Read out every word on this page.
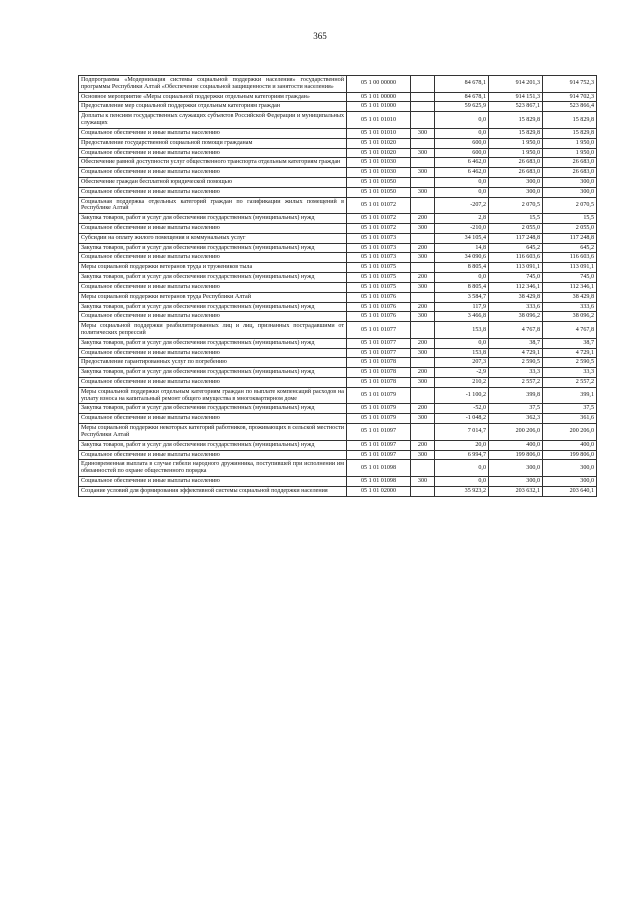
365
Подпрограмма «Модернизация системы социальной поддержки населения» государственной программы Республики Алтай «Обеспечение социальной защищенности и занятости населения»	05 1 00 00000		84 678,1	914 201,3	914 752,3
Основное мероприятие «Меры социальной поддержки отдельным категориям граждан»	05 1 01 00000		84 678,1	914 151,3	914 702,3
Предоставление мер социальной поддержки отдельным категориям граждан	05 1 01 01000		59 625,9	523 867,1	523 866,4
Доплаты к пенсиям государственных служащих субъектов Российской Федерации и муниципальных служащих	05 1 01 01010		0,0	15 829,8	15 829,8
Социальное обеспечение и иные выплаты населению	05 1 01 01010	300	0,0	15 829,8	15 829,8
Предоставление государственной социальной помощи гражданам	05 1 01 01020		600,0	1 950,0	1 950,0
Социальное обеспечение и иные выплаты населению	05 1 01 01020	300	600,0	1 950,0	1 950,0
Обеспечение равной доступности услуг общественного транспорта отдельным категориям граждан	05 1 01 01030		6 462,0	26 683,0	26 683,0
Социальное обеспечение и иные выплаты населению	05 1 01 01030	300	6 462,0	26 683,0	26 683,0
Обеспечение граждан бесплатной юридической помощью	05 1 01 01050		0,0	300,0	300,0
Социальное обеспечение и иные выплаты населению	05 1 01 01050	300	0,0	300,0	300,0
Социальная поддержка отдельных категорий граждан по газификации жилых помещений в Республике Алтай	05 1 01 01072		-207,2	2 070,5	2 070,5
Закупка товаров, работ и услуг для обеспечения государственных (муниципальных) нужд	05 1 01 01072	200	2,8	15,5	15,5
Социальное обеспечение и иные выплаты населению	05 1 01 01072	300	-210,0	2 055,0	2 055,0
Субсидии на оплату жилого помещения и коммунальных услуг	05 1 01 01073		34 105,4	117 248,8	117 248,8
Закупка товаров, работ и услуг для обеспечения государственных (муниципальных) нужд	05 1 01 01073	200	14,8	645,2	645,2
Социальное обеспечение и иные выплаты населению	05 1 01 01073	300	34 090,6	116 603,6	116 603,6
Меры социальной поддержки ветеранов труда и тружеников тыла	05 1 01 01075		8 805,4	113 091,1	113 091,1
Закупка товаров, работ и услуг для обеспечения государственных (муниципальных) нужд	05 1 01 01075	200	0,0	745,0	745,0
Социальное обеспечение и иные выплаты населению	05 1 01 01075	300	8 805,4	112 346,1	112 346,1
Меры социальной поддержки ветеранов труда Республики Алтай	05 1 01 01076		3 584,7	38 429,8	38 429,8
Закупка товаров, работ и услуг для обеспечения государственных (муниципальных) нужд	05 1 01 01076	200	117,9	333,6	333,6
Социальное обеспечение и иные выплаты населению	05 1 01 01076	300	3 466,8	38 096,2	38 096,2
Меры социальной поддержки реабилитированных лиц и лиц, признанных пострадавшими от политических репрессий	05 1 01 01077		153,8	4 767,8	4 767,8
Закупка товаров, работ и услуг для обеспечения государственных (муниципальных) нужд	05 1 01 01077	200	0,0	38,7	38,7
Социальное обеспечение и иные выплаты населению	05 1 01 01077	300	153,8	4 729,1	4 729,1
Предоставление гарантированных услуг по погребению	05 1 01 01078		207,3	2 590,5	2 590,5
Закупка товаров, работ и услуг для обеспечения государственных (муниципальных) нужд	05 1 01 01078	200	-2,9	33,3	33,3
Социальное обеспечение и иные выплаты населению	05 1 01 01078	300	210,2	2 557,2	2 557,2
Меры социальной поддержки отдельным категориям граждан по выплате компенсаций расходов на уплату взноса на капитальный ремонт общего имущества в многоквартирном доме	05 1 01 01079		-1 100,2	399,8	399,1
Закупка товаров, работ и услуг для обеспечения государственных (муниципальных) нужд	05 1 01 01079	200	-52,0	37,5	37,5
Социальное обеспечение и иные выплаты населению	05 1 01 01079	300	-1 048,2	362,3	361,6
Меры социальной поддержки некоторых категорий работников, проживающих в сельской местности Республики Алтай	05 1 01 01097		7 014,7	200 206,0	200 206,0
Закупка товаров, работ и услуг для обеспечения государственных (муниципальных) нужд	05 1 01 01097	200	20,0	400,0	400,0
Социальное обеспечение и иные выплаты населению	05 1 01 01097	300	6 994,7	199 806,0	199 806,0
Единовременная выплата в случае гибели народного дружинника, поступившей при исполнении им обязанностей по охране общественного порядка	05 1 01 01098		0,0	300,0	300,0
Социальное обеспечение и иные выплаты населению	05 1 01 01098	300	0,0	300,0	300,0
Создание условий для формирования эффективной системы социальной поддержки населения	05 1 01 02000		35 923,2	203 632,1	203 640,1
